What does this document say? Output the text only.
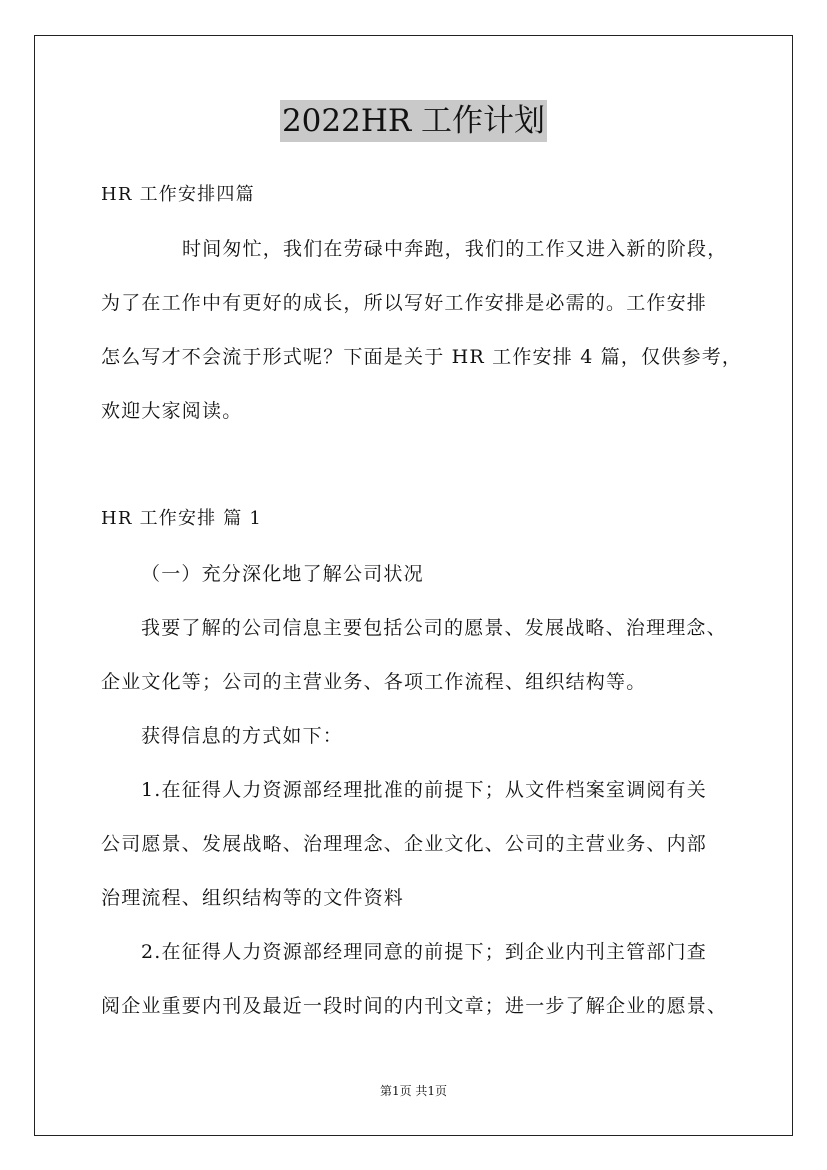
2022HR 工作计划
HR 工作安排四篇
时间匆忙，我们在劳碌中奔跑，我们的工作又进入新的阶段，
为了在工作中有更好的成长，所以写好工作安排是必需的。工作安排
怎么写才不会流于形式呢？下面是关于 HR 工作安排 4 篇，仅供参考，
欢迎大家阅读。
HR 工作安排 篇 1
（一）充分深化地了解公司状况
我要了解的公司信息主要包括公司的愿景、发展战略、治理理念、
企业文化等；公司的主营业务、各项工作流程、组织结构等。
获得信息的方式如下：
1.在征得人力资源部经理批准的前提下；从文件档案室调阅有关
公司愿景、发展战略、治理理念、企业文化、公司的主营业务、内部
治理流程、组织结构等的文件资料
2.在征得人力资源部经理同意的前提下；到企业内刊主管部门查
阅企业重要内刊及最近一段时间的内刊文章；进一步了解企业的愿景、
第1页 共1页
